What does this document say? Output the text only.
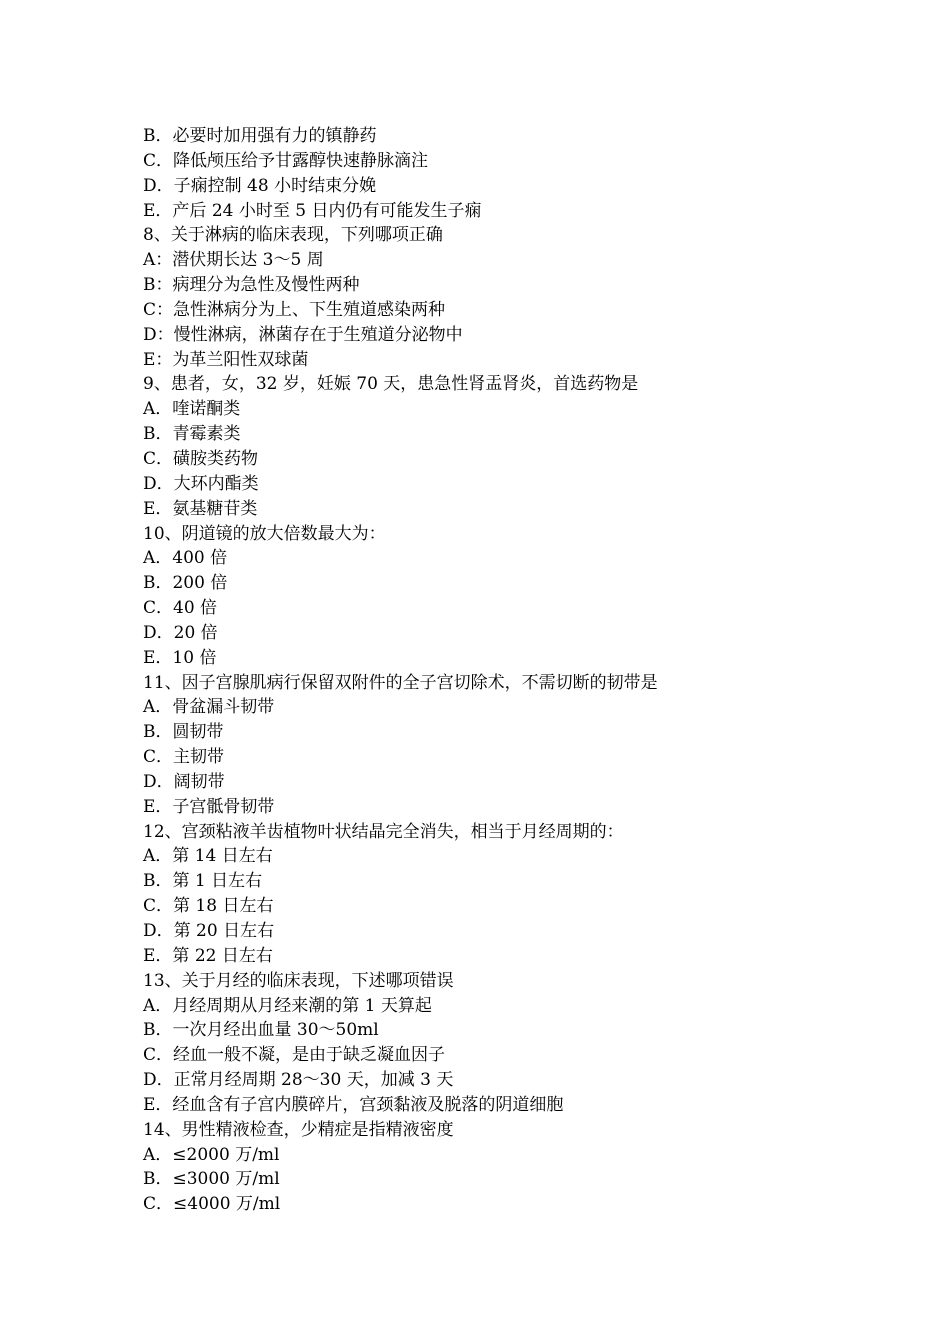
B．必要时加用强有力的镇静药
C．降低颅压给予甘露醇快速静脉滴注
D．子痫控制 48 小时结束分娩
E．产后 24 小时至 5 日内仍有可能发生子痫
8、关于淋病的临床表现，下列哪项正确
A：潜伏期长达 3～5 周
B：病理分为急性及慢性两种
C：急性淋病分为上、下生殖道感染两种
D：慢性淋病，淋菌存在于生殖道分泌物中
E：为革兰阳性双球菌
9、患者，女，32 岁，妊娠 70 天，患急性肾盂肾炎，首选药物是
A．喹诺酮类
B．青霉素类
C．磺胺类药物
D．大环内酯类
E．氨基糖苷类
10、阴道镜的放大倍数最大为：
A．400 倍
B．200 倍
C．40 倍
D．20 倍
E．10 倍
11、因子宫腺肌病行保留双附件的全子宫切除术，不需切断的韧带是
A．骨盆漏斗韧带
B．圆韧带
C．主韧带
D．阔韧带
E．子宫骶骨韧带
12、宫颈粘液羊齿植物叶状结晶完全消失，相当于月经周期的：
A．第 14 日左右
B．第 1 日左右
C．第 18 日左右
D．第 20 日左右
E．第 22 日左右
13、关于月经的临床表现，下述哪项错误
A．月经周期从月经来潮的第 1 天算起
B．一次月经出血量 30～50ml
C．经血一般不凝，是由于缺乏凝血因子
D．正常月经周期 28～30 天，加减 3 天
E．经血含有子宫内膜碎片，宫颈黏液及脱落的阴道细胞
14、男性精液检查，少精症是指精液密度
A．≤2000 万/ml
B．≤3000 万/ml
C．≤4000 万/ml
